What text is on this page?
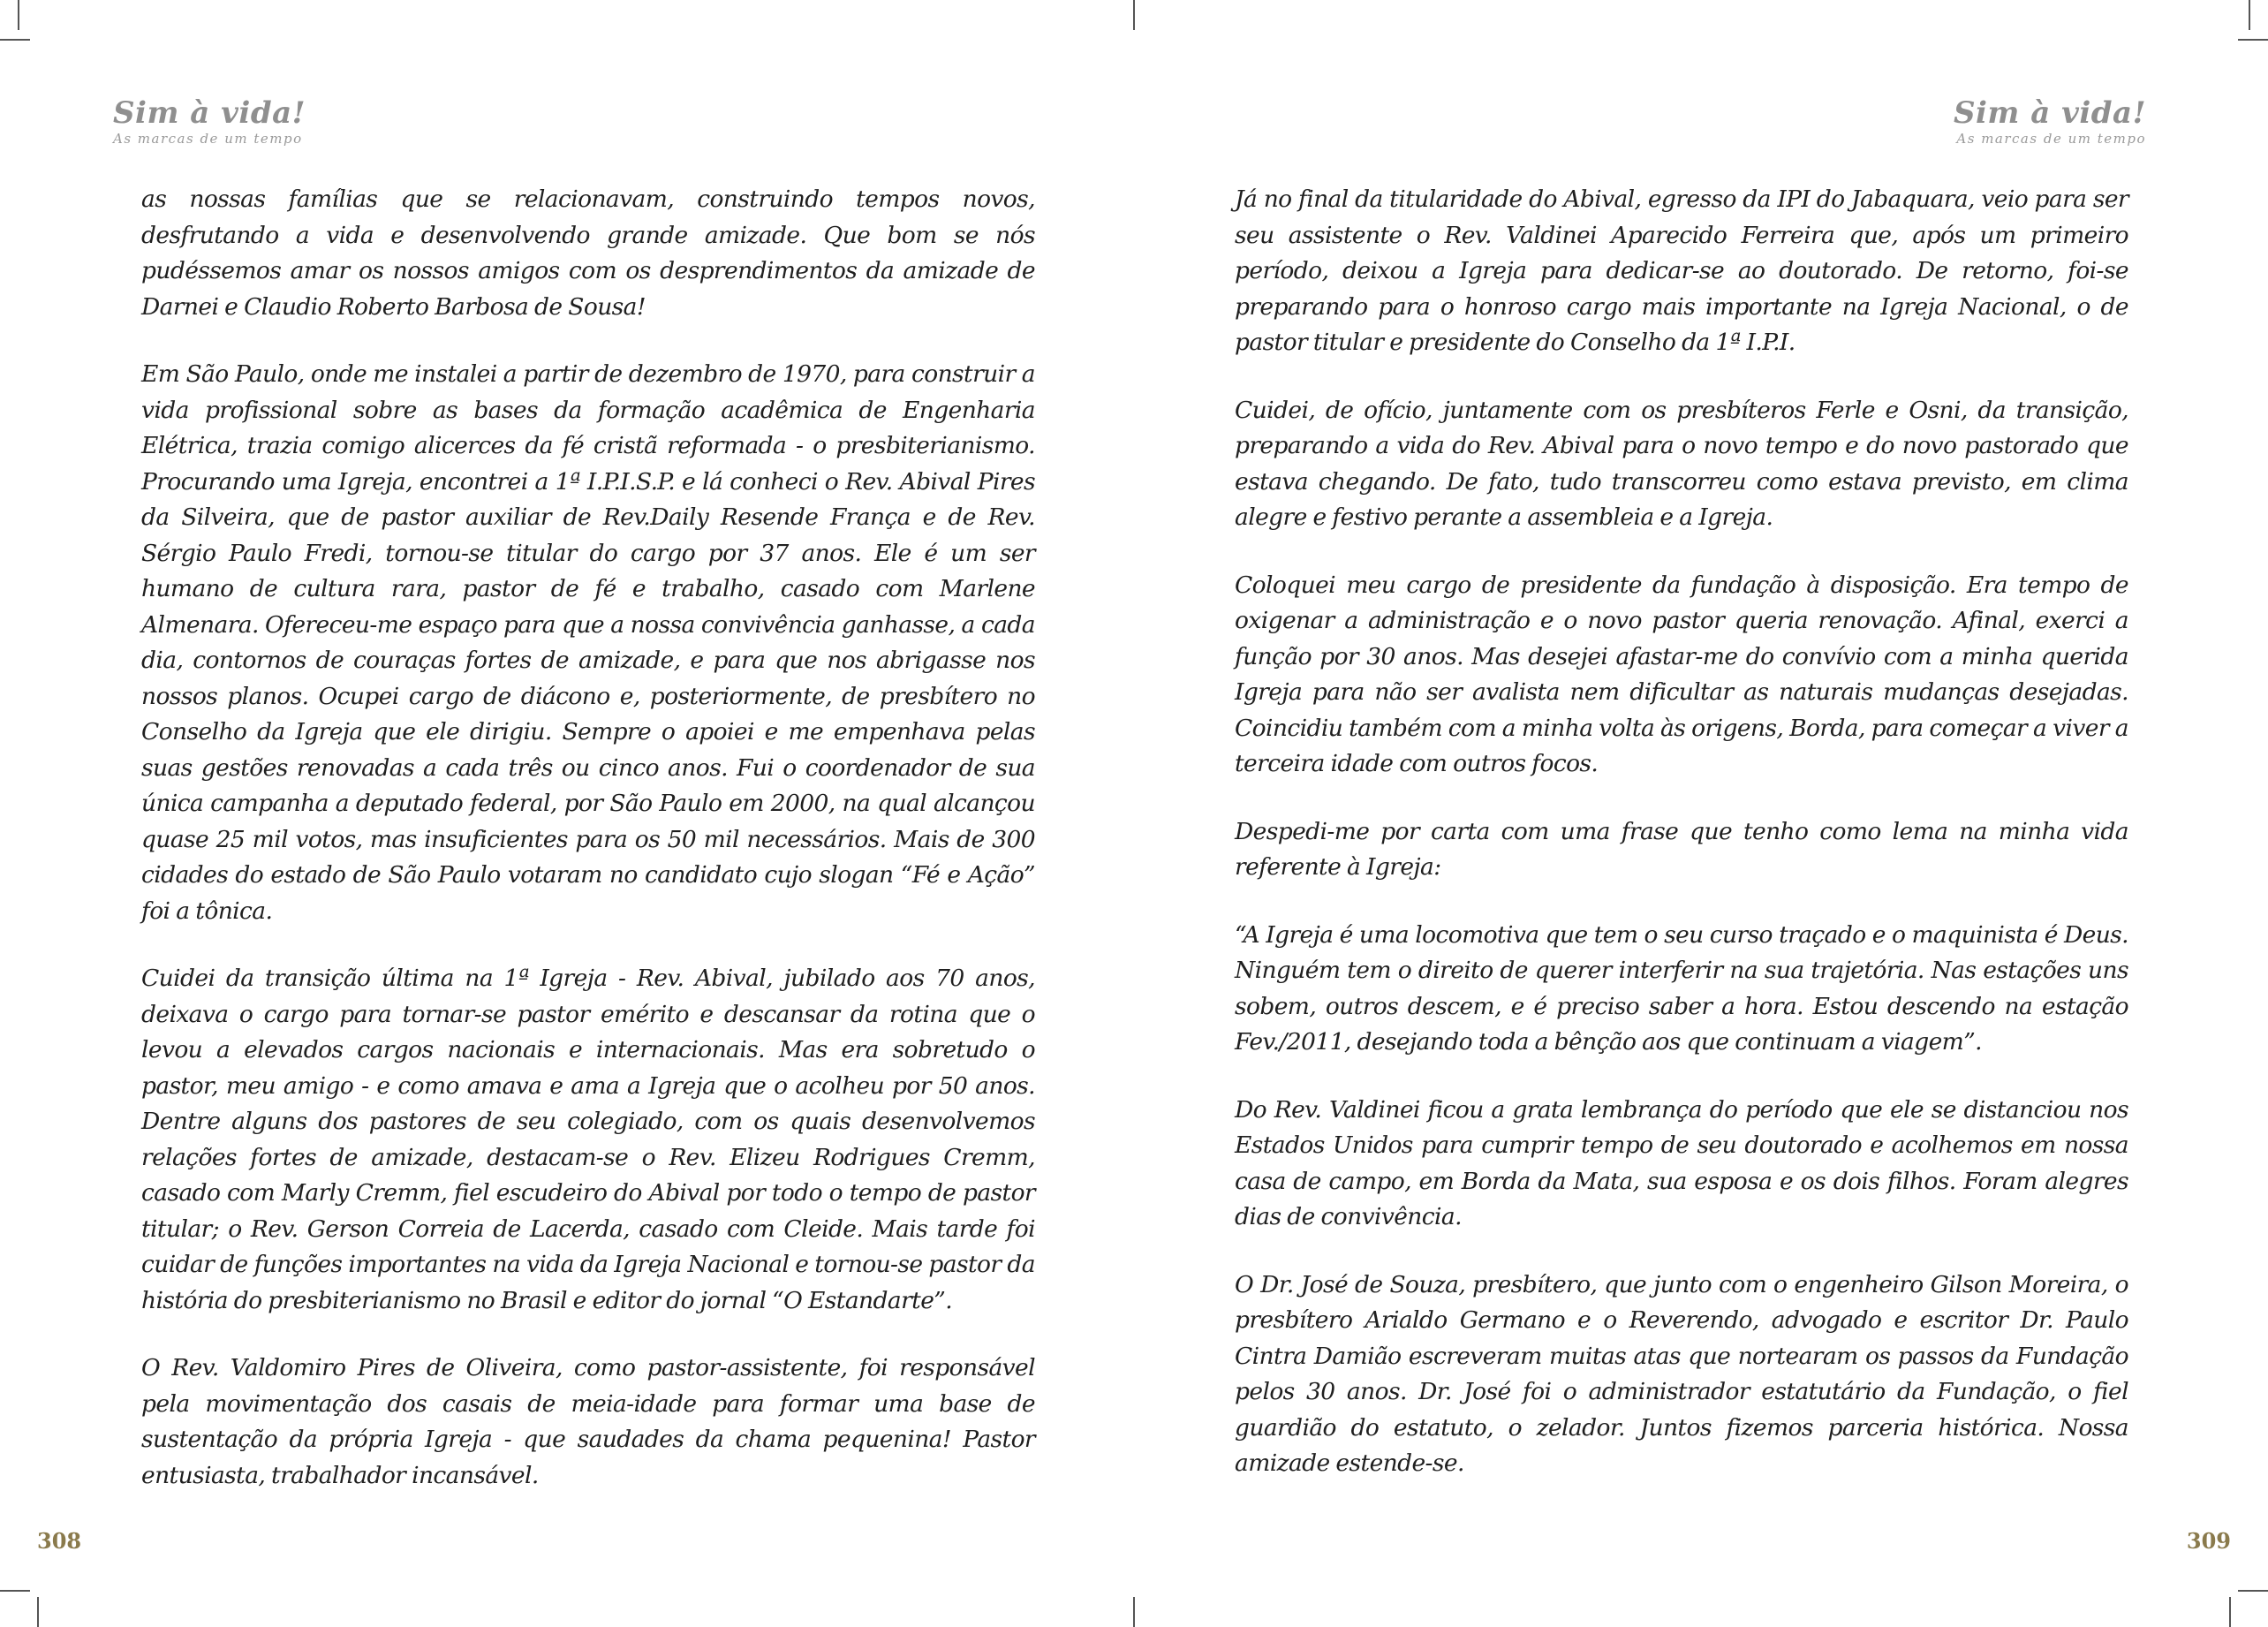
Sim à vida!
As marcas de um tempo

as nossas famílias que se relacionavam, construindo tempos novos, desfrutando a vida e desenvolvendo grande amizade. Que bom se nós pudéssemos amar os nossos amigos com os desprendimentos da amizade de Darnei e Claudio Roberto Barbosa de Sousa!

Em São Paulo, onde me instalei a partir de dezembro de 1970, para construir a vida profissional sobre as bases da formação acadêmica de Engenharia Elétrica, trazia comigo alicerces da fé cristã reformada - o presbiterianismo. Procurando uma Igreja, encontrei a 1ª I.P.I.S.P. e lá conheci o Rev. Abival Pires da Silveira, que de pastor auxiliar de Rev.Daily Resende França e de Rev. Sérgio Paulo Fredi, tornou-se titular do cargo por 37 anos. Ele é um ser humano de cultura rara, pastor de fé e trabalho, casado com Marlene Almenara. Ofereceu-me espaço para que a nossa convivência ganhasse, a cada dia, contornos de couraças fortes de amizade, e para que nos abrigasse nos nossos planos. Ocupei cargo de diácono e, posteriormente, de presbítero no Conselho da Igreja que ele dirigiu. Sempre o apoiei e me empenhava pelas suas gestões renovadas a cada três ou cinco anos. Fui o coordenador de sua única campanha a deputado federal, por São Paulo em 2000, na qual alcançou quase 25 mil votos, mas insuficientes para os 50 mil necessários. Mais de 300 cidades do estado de São Paulo votaram no candidato cujo slogan “Fé e Ação” foi a tônica.

Cuidei da transição última na 1ª Igreja - Rev. Abival, jubilado aos 70 anos, deixava o cargo para tornar-se pastor emérito e descansar da rotina que o levou a elevados cargos nacionais e internacionais. Mas era sobretudo o pastor, meu amigo - e como amava e ama a Igreja que o acolheu por 50 anos. Dentre alguns dos pastores de seu colegiado, com os quais desenvolvemos relações fortes de amizade, destacam-se o Rev. Elizeu Rodrigues Cremm, casado com Marly Cremm, fiel escudeiro do Abival por todo o tempo de pastor titular; o Rev. Gerson Correia de Lacerda, casado com Cleide. Mais tarde foi cuidar de funções importantes na vida da Igreja Nacional e tornou-se pastor da história do presbiterianismo no Brasil e editor do jornal “O Estandarte”.

O Rev. Valdomiro Pires de Oliveira, como pastor-assistente, foi responsável pela movimentação dos casais de meia-idade para formar uma base de sustentação da própria Igreja - que saudades da chama pequenina! Pastor entusiasta, trabalhador incansável.

308
Sim à vida!
As marcas de um tempo

Já no final da titularidade do Abival, egresso da IPI do Jabaquara, veio para ser seu assistente o Rev. Valdinei Aparecido Ferreira que, após um primeiro período, deixou a Igreja para dedicar-se ao doutorado. De retorno, foi-se preparando para o honroso cargo mais importante na Igreja Nacional, o de pastor titular e presidente do Conselho da 1ª I.P.I.

Cuidei, de ofício, juntamente com os presbíteros Ferle e Osni, da transição, preparando a vida do Rev. Abival para o novo tempo e do novo pastorado que estava chegando. De fato, tudo transcorreu como estava previsto, em clima alegre e festivo perante a assembleia e a Igreja.

Coloquei meu cargo de presidente da fundação à disposição. Era tempo de oxigenar a administração e o novo pastor queria renovação. Afinal, exerci a função por 30 anos. Mas desejei afastar-me do convívio com a minha querida Igreja para não ser avalista nem dificultar as naturais mudanças desejadas. Coincidiu também com a minha volta às origens, Borda, para começar a viver a terceira idade com outros focos.

Despedi-me por carta com uma frase que tenho como lema na minha vida referente à Igreja:

“A Igreja é uma locomotiva que tem o seu curso traçado e o maquinista é Deus. Ninguém tem o direito de querer interferir na sua trajetória. Nas estações uns sobem, outros descem, e é preciso saber a hora. Estou descendo na estação Fev./2011, desejando toda a bênção aos que continuam a viagem”.

Do Rev. Valdinei ficou a grata lembrança do período que ele se distanciou nos Estados Unidos para cumprir tempo de seu doutorado e acolhemos em nossa casa de campo, em Borda da Mata, sua esposa e os dois filhos. Foram alegres dias de convivência.

O Dr. José de Souza, presbítero, que junto com o engenheiro Gilson Moreira, o presbítero Arialdo Germano e o Reverendo, advogado e escritor Dr. Paulo Cintra Damião escreveram muitas atas que nortearam os passos da Fundação pelos 30 anos. Dr. José foi o administrador estatutário da Fundação, o fiel guardião do estatuto, o zelador. Juntos fizemos parceria histórica. Nossa amizade estende-se.

309
